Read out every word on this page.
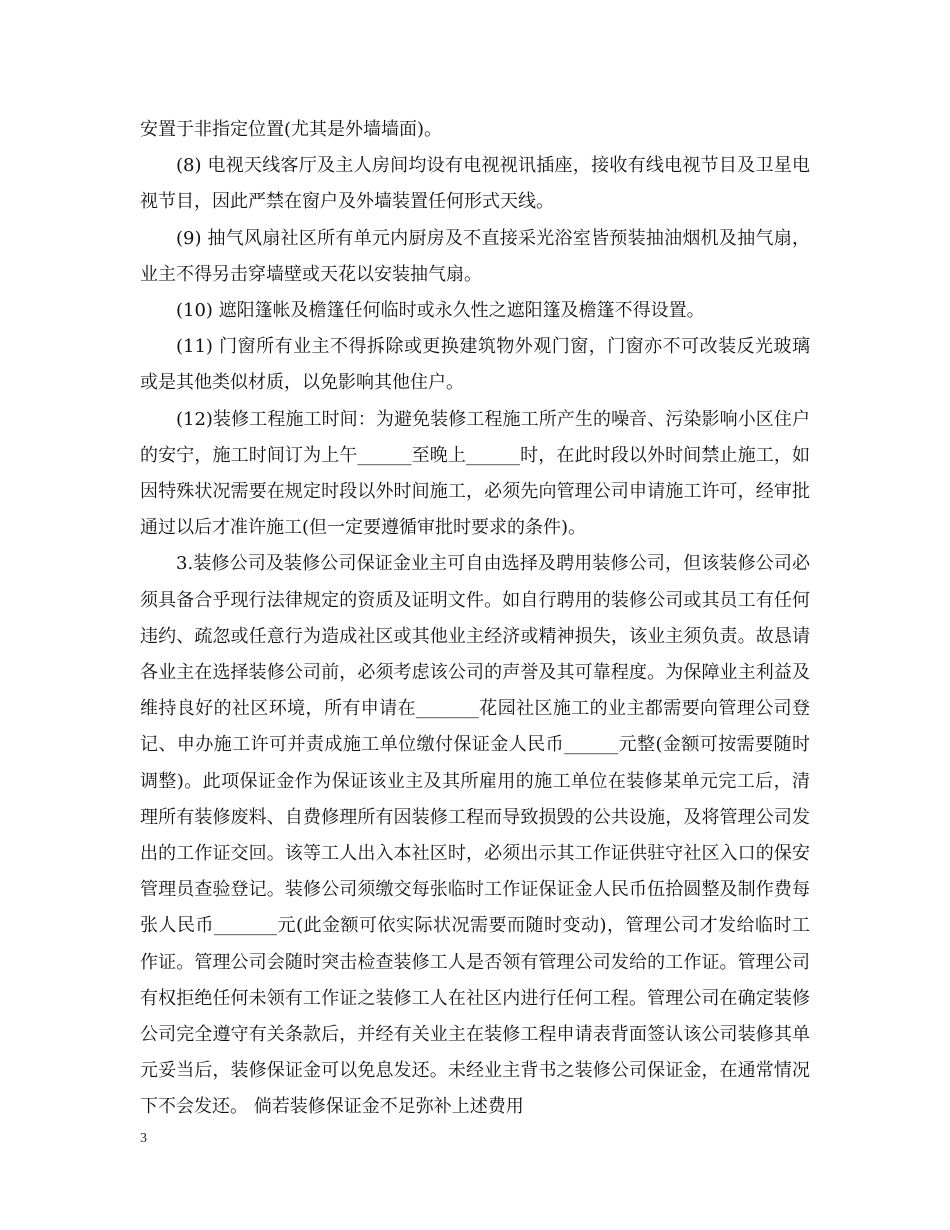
安置于非指定位置(尤其是外墙墙面)。

(8) 电视天线客厅及主人房间均设有电视视讯插座，接收有线电视节目及卫星电视节目，因此严禁在窗户及外墙装置任何形式天线。

(9) 抽气风扇社区所有单元内厨房及不直接采光浴室皆预装抽油烟机及抽气扇，业主不得另击穿墙壁或天花以安装抽气扇。

(10) 遮阳篷帐及檐篷任何临时或永久性之遮阳篷及檐篷不得设置。

(11) 门窗所有业主不得拆除或更换建筑物外观门窗，门窗亦不可改装反光玻璃或是其他类似材质，以免影响其他住户。

(12)装修工程施工时间：为避免装修工程施工所产生的噪音、污染影响小区住户的安宁，施工时间订为上午______至晚上______时，在此时段以外时间禁止施工，如因特殊状况需要在规定时段以外时间施工，必须先向管理公司申请施工许可，经审批通过以后才准许施工(但一定要遵循审批时要求的条件)。

3.装修公司及装修公司保证金业主可自由选择及聘用装修公司，但该装修公司必须具备合乎现行法律规定的资质及证明文件。如自行聘用的装修公司或其员工有任何违约、疏忽或任意行为造成社区或其他业主经济或精神损失，该业主须负责。故恳请各业主在选择装修公司前，必须考虑该公司的声誉及其可靠程度。为保障业主利益及维持良好的社区环境，所有申请在_______花园社区施工的业主都需要向管理公司登记、申办施工许可并责成施工单位缴付保证金人民币______元整(金额可按需要随时调整)。此项保证金作为保证该业主及其所雇用的施工单位在装修某单元完工后，清理所有装修废料、自费修理所有因装修工程而导致损毁的公共设施，及将管理公司发出的工作证交回。该等工人出入本社区时，必须出示其工作证供驻守社区入口的保安管理员查验登记。装修公司须缴交每张临时工作证保证金人民币伍拾圆整及制作费每张人民币_______元(此金额可依实际状况需要而随时变动)，管理公司才发给临时工作证。管理公司会随时突击检查装修工人是否领有管理公司发给的工作证。管理公司有权拒绝任何未领有工作证之装修工人在社区内进行任何工程。管理公司在确定装修公司完全遵守有关条款后，并经有关业主在装修工程申请表背面签认该公司装修其单元妥当后，装修保证金可以免息发还。未经业主背书之装修公司保证金，在通常情况下不会发还。 倘若装修保证金不足弥补上述费用

3
